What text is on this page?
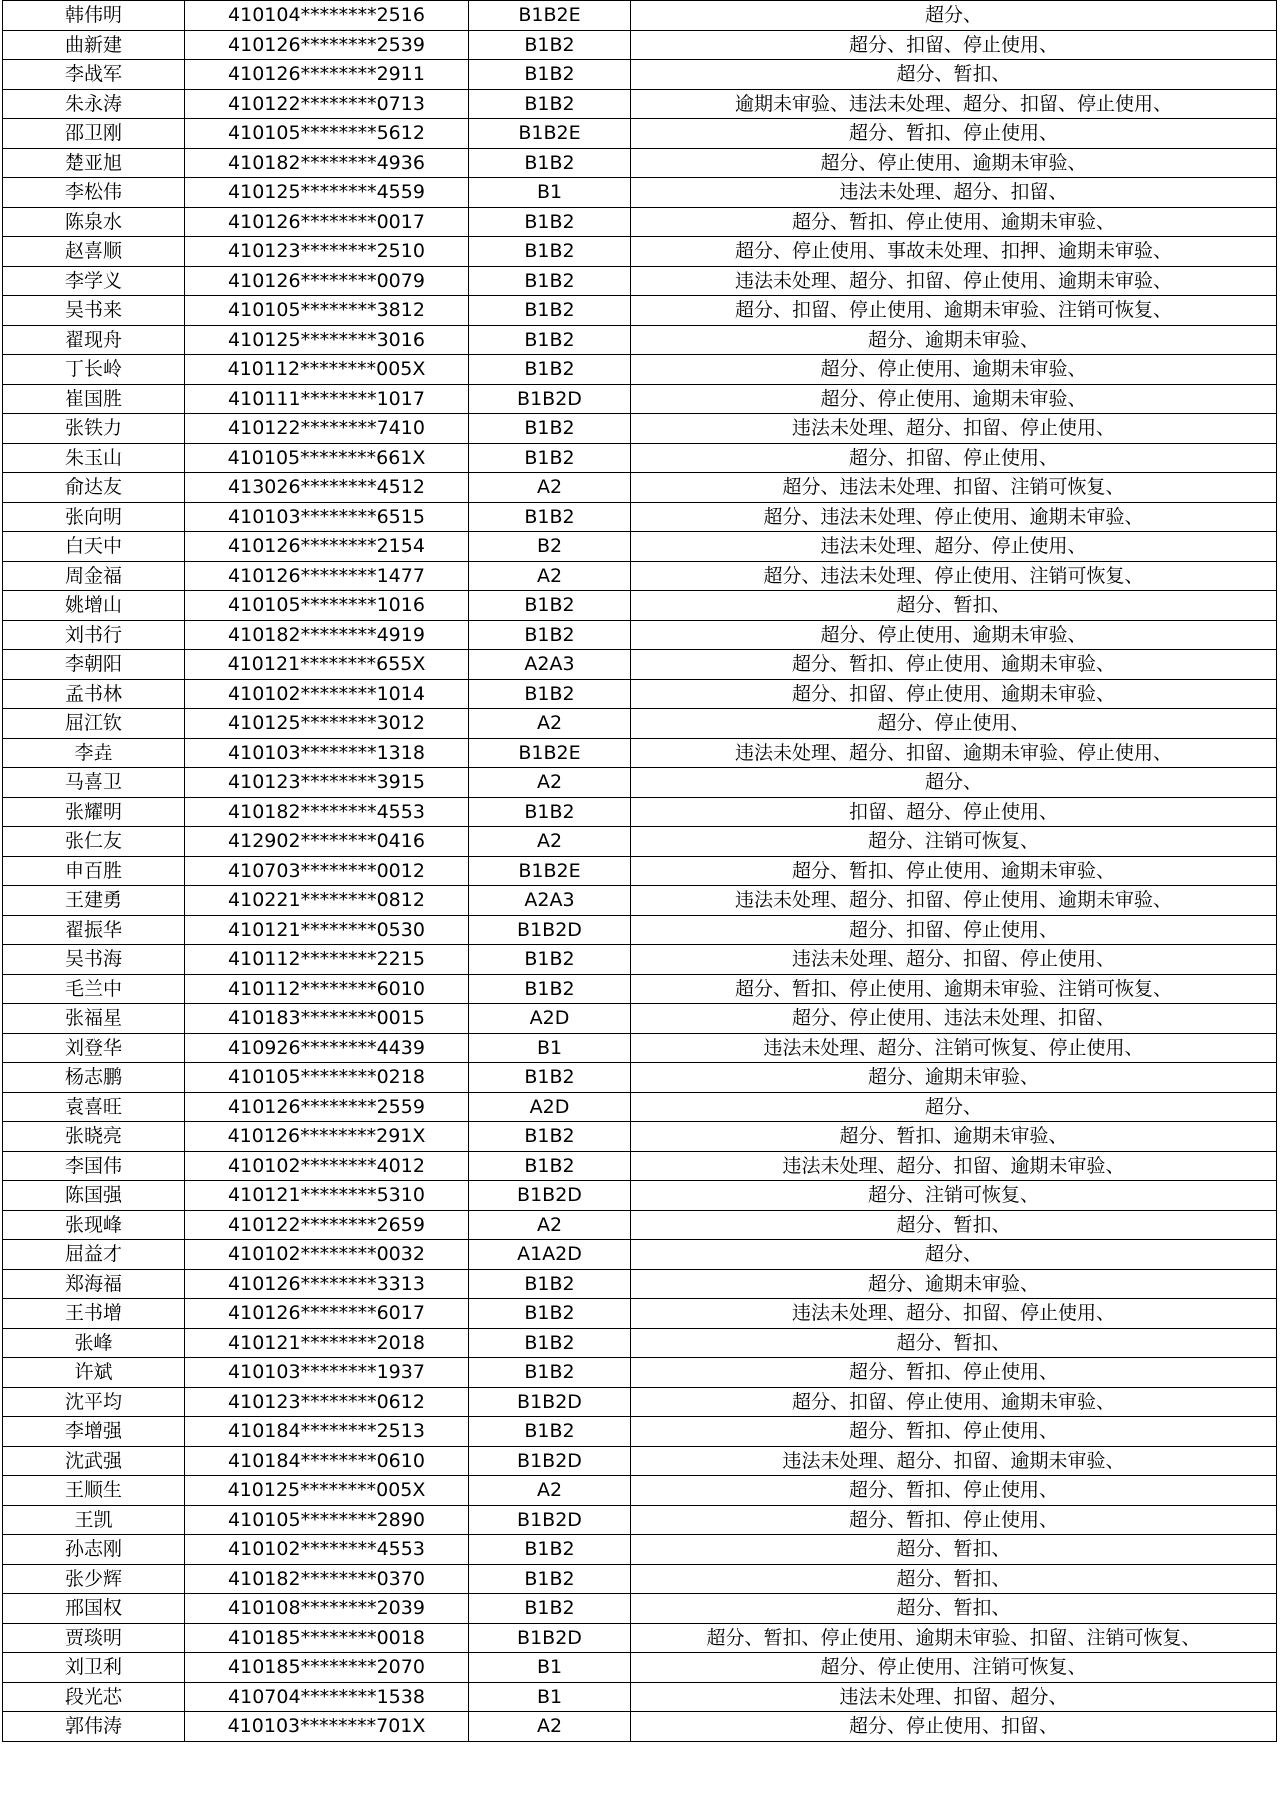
韩伟明	410104********2516	B1B2E	超分、
曲新建	410126********2539	B1B2	超分、扣留、停止使用、
李战军	410126********2911	B1B2	超分、暂扣、
朱永涛	410122********0713	B1B2	逾期未审验、违法未处理、超分、扣留、停止使用、
邵卫刚	410105********5612	B1B2E	超分、暂扣、停止使用、
楚亚旭	410182********4936	B1B2	超分、停止使用、逾期未审验、
李松伟	410125********4559	B1	违法未处理、超分、扣留、
陈泉水	410126********0017	B1B2	超分、暂扣、停止使用、逾期未审验、
赵喜顺	410123********2510	B1B2	超分、停止使用、事故未处理、扣押、逾期未审验、
李学义	410126********0079	B1B2	违法未处理、超分、扣留、停止使用、逾期未审验、
吴书来	410105********3812	B1B2	超分、扣留、停止使用、逾期未审验、注销可恢复、
翟现舟	410125********3016	B1B2	超分、逾期未审验、
丁长岭	410112********005X	B1B2	超分、停止使用、逾期未审验、
崔国胜	410111********1017	B1B2D	超分、停止使用、逾期未审验、
张铁力	410122********7410	B1B2	违法未处理、超分、扣留、停止使用、
朱玉山	410105********661X	B1B2	超分、扣留、停止使用、
俞达友	413026********4512	A2	超分、违法未处理、扣留、注销可恢复、
张向明	410103********6515	B1B2	超分、违法未处理、停止使用、逾期未审验、
白天中	410126********2154	B2	违法未处理、超分、停止使用、
周金福	410126********1477	A2	超分、违法未处理、停止使用、注销可恢复、
姚增山	410105********1016	B1B2	超分、暂扣、
刘书行	410182********4919	B1B2	超分、停止使用、逾期未审验、
李朝阳	410121********655X	A2A3	超分、暂扣、停止使用、逾期未审验、
孟书林	410102********1014	B1B2	超分、扣留、停止使用、逾期未审验、
屈江钦	410125********3012	A2	超分、停止使用、
李垚	410103********1318	B1B2E	违法未处理、超分、扣留、逾期未审验、停止使用、
马喜卫	410123********3915	A2	超分、
张耀明	410182********4553	B1B2	扣留、超分、停止使用、
张仁友	412902********0416	A2	超分、注销可恢复、
申百胜	410703********0012	B1B2E	超分、暂扣、停止使用、逾期未审验、
王建勇	410221********0812	A2A3	违法未处理、超分、扣留、停止使用、逾期未审验、
翟振华	410121********0530	B1B2D	超分、扣留、停止使用、
吴书海	410112********2215	B1B2	违法未处理、超分、扣留、停止使用、
毛兰中	410112********6010	B1B2	超分、暂扣、停止使用、逾期未审验、注销可恢复、
张福星	410183********0015	A2D	超分、停止使用、违法未处理、扣留、
刘登华	410926********4439	B1	违法未处理、超分、注销可恢复、停止使用、
杨志鹏	410105********0218	B1B2	超分、逾期未审验、
袁喜旺	410126********2559	A2D	超分、
张晓亮	410126********291X	B1B2	超分、暂扣、逾期未审验、
李国伟	410102********4012	B1B2	违法未处理、超分、扣留、逾期未审验、
陈国强	410121********5310	B1B2D	超分、注销可恢复、
张现峰	410122********2659	A2	超分、暂扣、
屈益才	410102********0032	A1A2D	超分、
郑海福	410126********3313	B1B2	超分、逾期未审验、
王书增	410126********6017	B1B2	违法未处理、超分、扣留、停止使用、
张峰	410121********2018	B1B2	超分、暂扣、
许斌	410103********1937	B1B2	超分、暂扣、停止使用、
沈平均	410123********0612	B1B2D	超分、扣留、停止使用、逾期未审验、
李增强	410184********2513	B1B2	超分、暂扣、停止使用、
沈武强	410184********0610	B1B2D	违法未处理、超分、扣留、逾期未审验、
王顺生	410125********005X	A2	超分、暂扣、停止使用、
王凯	410105********2890	B1B2D	超分、暂扣、停止使用、
孙志刚	410102********4553	B1B2	超分、暂扣、
张少辉	410182********0370	B1B2	超分、暂扣、
邢国权	410108********2039	B1B2	超分、暂扣、
贾琰明	410185********0018	B1B2D	超分、暂扣、停止使用、逾期未审验、扣留、注销可恢复、
刘卫利	410185********2070	B1	超分、停止使用、注销可恢复、
段光芯	410704********1538	B1	违法未处理、扣留、超分、
郭伟涛	410103********701X	A2	超分、停止使用、扣留、
